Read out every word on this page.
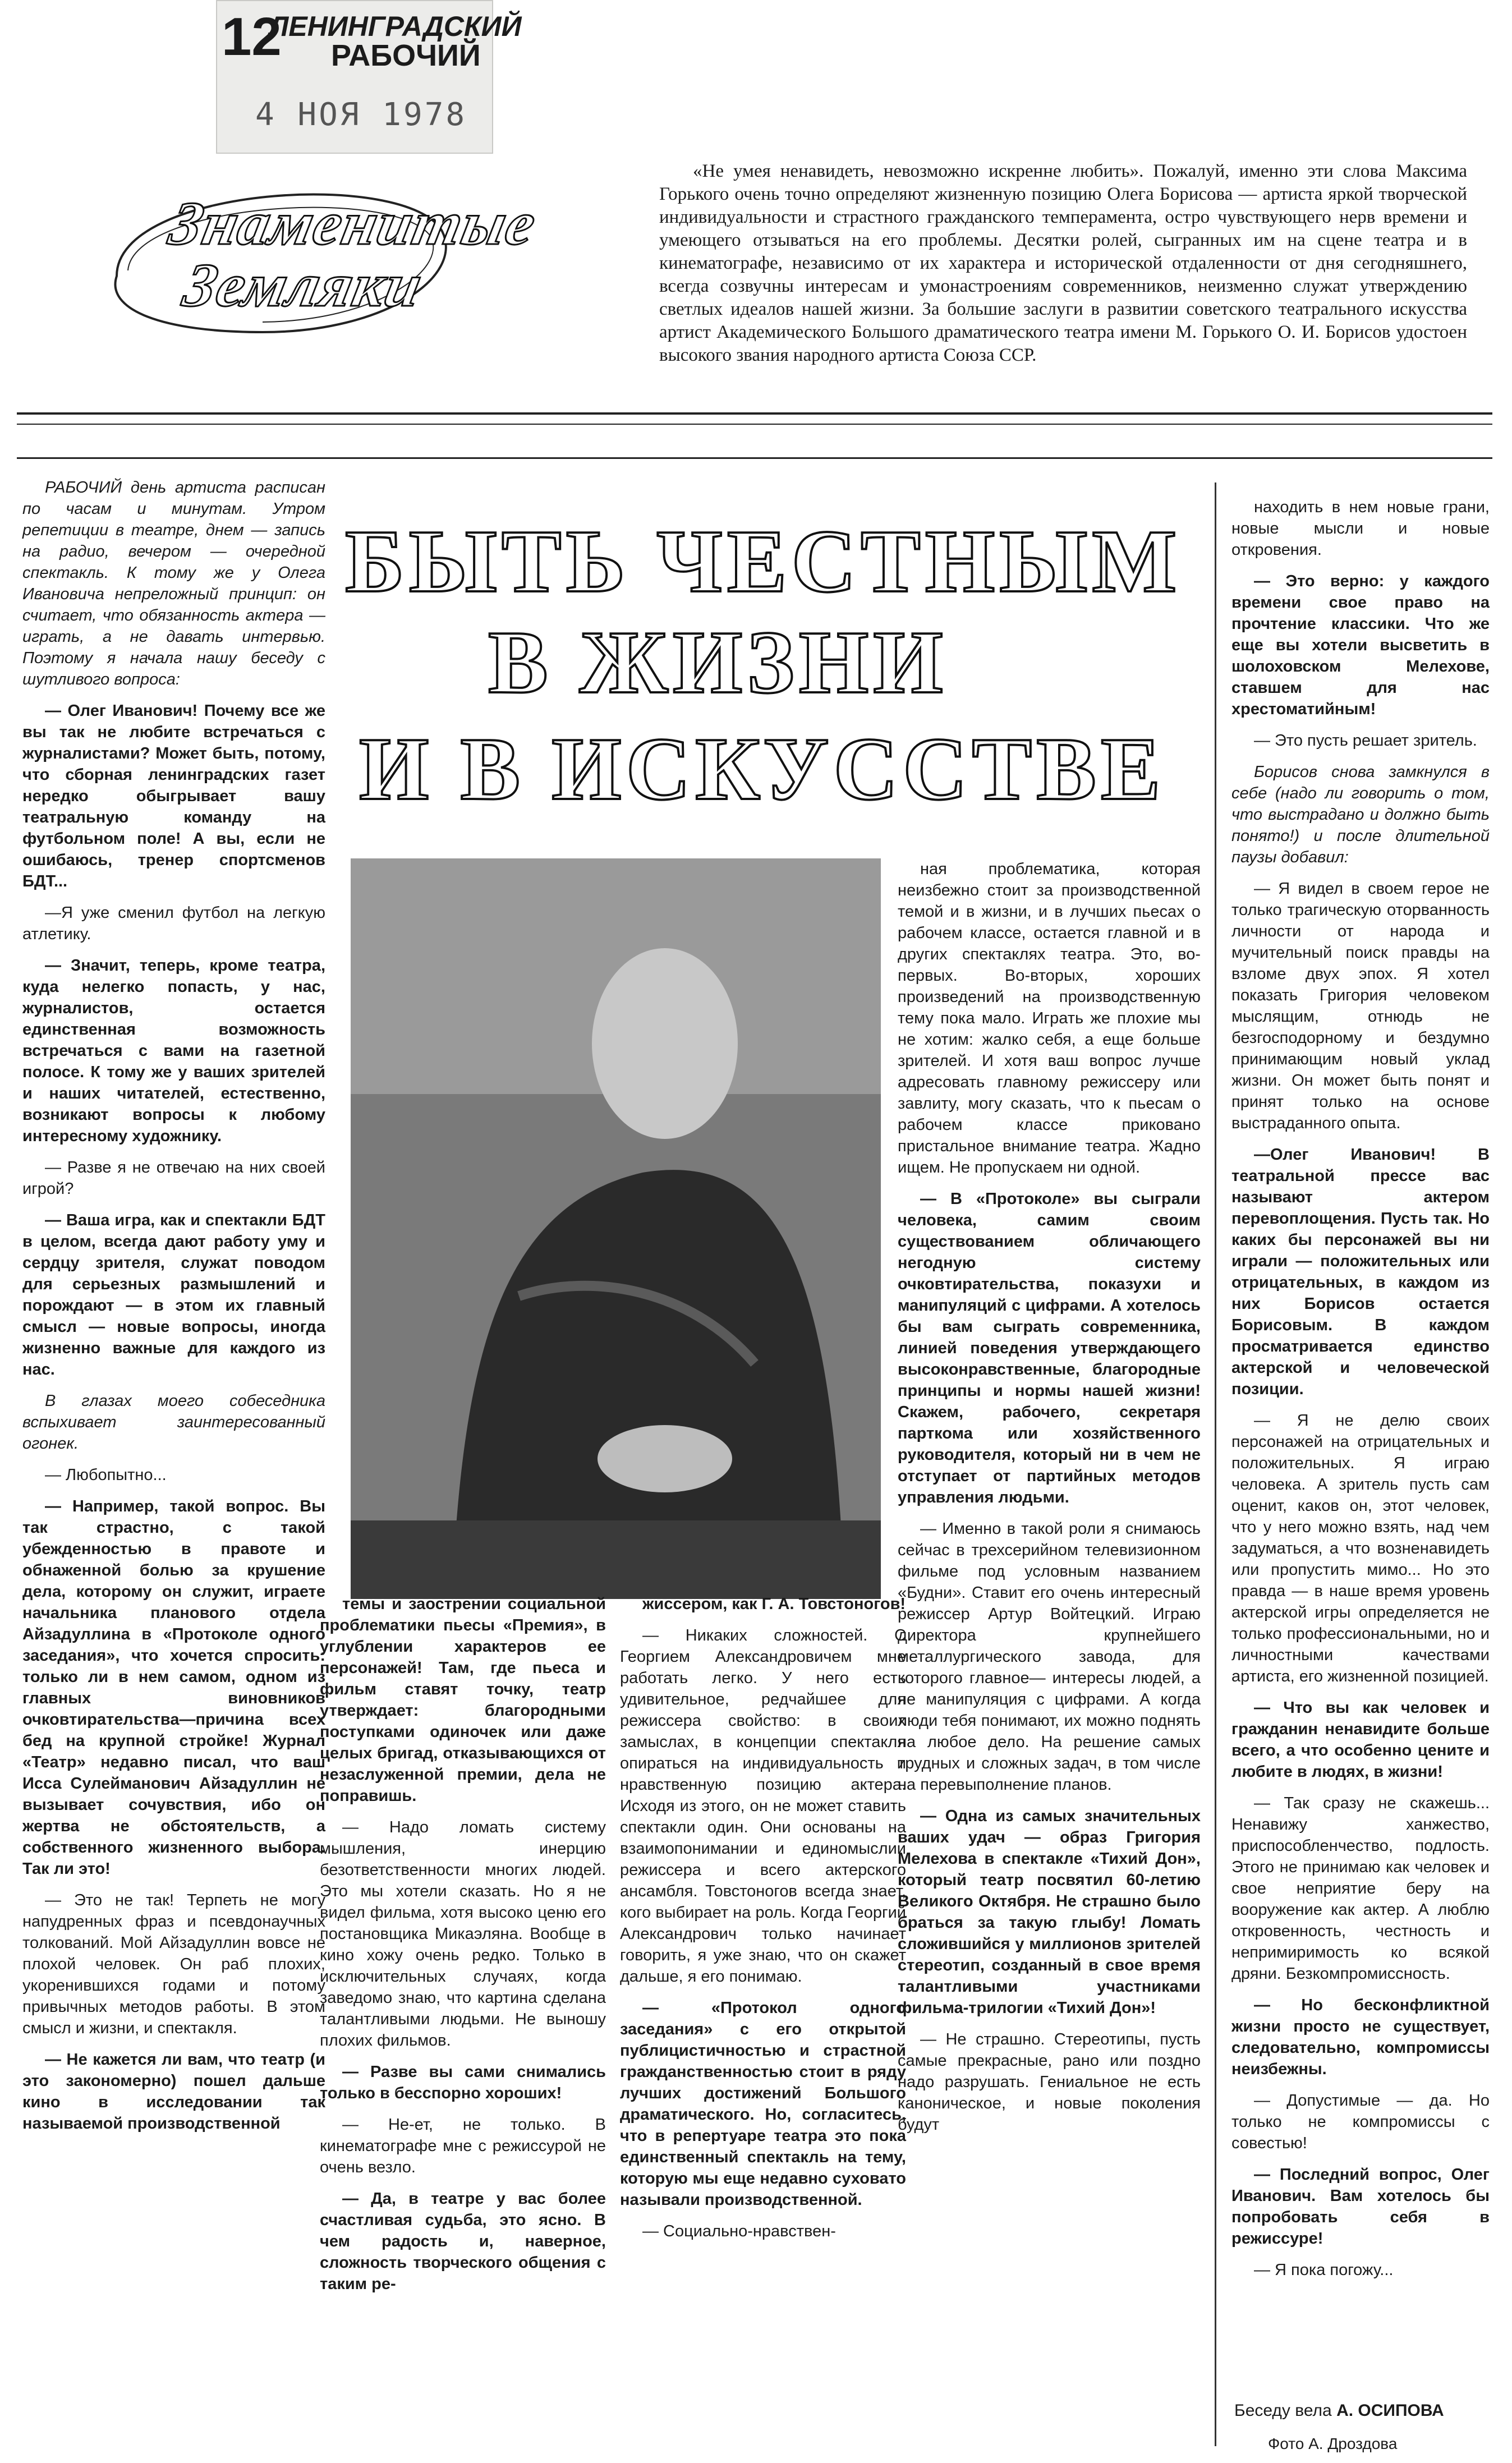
12
ЛЕНИНГРАДСКИЙ
РАБОЧИЙ
4 НОЯ 1978
Знаменитые
Земляки
«Не умея ненавидеть, невозможно искренне любить». Пожалуй, именно эти слова Максима Горького очень точно определяют жизненную позицию Олега Борисова — артиста яркой творческой индивидуальности и страстного гражданского темперамента, остро чувствующего нерв времени и умеющего отзываться на его проблемы. Десятки ролей, сыгранных им на сцене театра и в кинематографе, независимо от их характера и исторической отдаленности от дня сегодняшнего, всегда созвучны интересам и умонастроениям современников, неизменно служат утверждению светлых идеалов нашей жизни. За большие заслуги в развитии советского театрального искусства артист Академического Большого драматического театра имени М. Горького О. И. Борисов удостоен высокого звания народного артиста Союза ССР.
БЫТЬ ЧЕСТНЫМ
В ЖИЗНИ
И В ИСКУССТВЕ

РАБОЧИЙ день артиста расписан по часам и минутам. Утром репетиции в театре, днем — запись на радио, вечером — очередной спектакль. К тому же у Олега Ивановича непреложный принцип: он считает, что обязанность актера — играть, а не давать интервью. Поэтому я начала нашу беседу с шутливого вопроса:

— Олег Иванович! Почему все же вы так не любите встречаться с журналистами? Может быть, потому, что сборная ленинградских газет нередко обыгрывает вашу театральную команду на футбольном поле! А вы, если не ошибаюсь, тренер спортсменов БДТ...

—Я уже сменил футбол на легкую атлетику.

— Значит, теперь, кроме театра, куда нелегко попасть, у нас, журналистов, остается единственная возможность встречаться с вами на газетной полосе. К тому же у ваших зрителей и наших читателей, естественно, возникают вопросы к любому интересному художнику.

— Разве я не отвечаю на них своей игрой?

— Ваша игра, как и спектакли БДТ в целом, всегда дают работу уму и сердцу зрителя, служат поводом для серьезных размышлений и порождают — в этом их главный смысл — новые вопросы, иногда жизненно важные для каждого из нас.

В глазах моего собеседника вспыхивает заинтересованный огонек.

— Любопытно...

— Например, такой вопрос. Вы так страстно, с такой убежденностью в правоте и обнаженной болью за крушение дела, которому он служит, играете начальника планового отдела Айзадуллина в «Протоколе одного заседания», что хочется спросить: только ли в нем самом, одном из главных виновников очковтирательства—причина всех бед на крупной стройке! Журнал «Театр» недавно писал, что ваш Исса Сулейманович Айзадуллин не вызывает сочувствия, ибо он жертва не обстоятельств, а собственного жизненного выбора. Так ли это!

— Это не так! Терпеть не могу напудренных фраз и псевдонаучных толкований. Мой Айзадуллин вовсе не плохой человек. Он раб плохих, укоренившихся годами и потому привычных методов работы. В этом смысл и жизни, и спектакля.

— Не кажется ли вам, что театр (и это закономерно) пошел дальше кино в исследовании так называемой производственной

темы и заострении социальной проблематики пьесы «Премия», в углублении характеров ее персонажей! Там, где пьеса и фильм ставят точку, театр утверждает: благородными поступками одиночек или даже целых бригад, отказывающихся от незаслуженной премии, дела не поправишь.

— Надо ломать систему мышления, инерцию безответственности многих людей. Это мы хотели сказать. Но я не видел фильма, хотя высоко ценю его постановщика Микаэляна. Вообще в кино хожу очень редко. Только в исключительных случаях, когда заведомо знаю, что картина сделана талантливыми людьми. Не выношу плохих фильмов.

— Разве вы сами снимались только в бесспорно хороших!

— Не-ет, не только. В кинематографе мне с режиссурой не очень везло.

— Да, в театре у вас более счастливая судьба, это ясно. В чем радость и, наверное, сложность творческого общения с таким ре-

жиссером, как Г. А. Товстоногов!

— Никаких сложностей. С Георгием Александровичем мне работать легко. У него есть удивительное, редчайшее для режиссера свойство: в своих замыслах, в концепции спектакля опираться на индивидуальность и нравственную позицию актера. Исходя из этого, он не может ставить спектакли один. Они основаны на взаимопонимании и единомыслии режиссера и всего актерского ансамбля. Товстоногов всегда знает, кого выбирает на роль. Когда Георгий Александрович только начинает говорить, я уже знаю, что он скажет дальше, я его понимаю.

— «Протокол одного заседания» с его открытой публицистичностью и страстной гражданственностью стоит в ряду лучших достижений Большого драматического. Но, согласитесь, что в репертуаре театра это пока единственный спектакль на тему, которую мы еще недавно суховато называли производственной.

— Социально-нравствен-

ная проблематика, которая неизбежно стоит за производственной темой и в жизни, и в лучших пьесах о рабочем классе, остается главной и в других спектаклях театра. Это, во-первых. Во-вторых, хороших произведений на производственную тему пока мало. Играть же плохие мы не хотим: жалко себя, а еще больше зрителей. И хотя ваш вопрос лучше адресовать главному режиссеру или завлиту, могу сказать, что к пьесам о рабочем классе приковано пристальное внимание театра. Жадно ищем. Не пропускаем ни одной.

— В «Протоколе» вы сыграли человека, самим своим существованием обличающего негодную систему очковтирательства, показухи и манипуляций с цифрами. А хотелось бы вам сыграть современника, линией поведения утверждающего высоконравственные, благородные принципы и нормы нашей жизни! Скажем, рабочего, секретаря парткома или хозяйственного руководителя, который ни в чем не отступает от партийных методов управления людьми.

— Именно в такой роли я снимаюсь сейчас в трехсерийном телевизионном фильме под условным названием «Будни». Ставит его очень интересный режиссер Артур Войтецкий. Играю директора крупнейшего металлургического завода, для которого главное— интересы людей, а не манипуляция с цифрами. А когда люди тебя понимают, их можно поднять на любое дело. На решение самых трудных и сложных задач, в том числе на перевыполнение планов.

— Одна из самых значительных ваших удач — образ Григория Мелехова в спектакле «Тихий Дон», который театр посвятил 60-летию Великого Октября. Не страшно было браться за такую глыбу! Ломать сложившийся у миллионов зрителей стереотип, созданный в свое время талантливыми участниками фильма-трилогии «Тихий Дон»!

— Не страшно. Стереотипы, пусть самые прекрасные, рано или поздно надо разрушать. Гениальное не есть каноническое, и новые поколения будут

находить в нем новые грани, новые мысли и новые откровения.

— Это верно: у каждого времени свое право на прочтение классики. Что же еще вы хотели высветить в шолоховском Мелехове, ставшем для нас хрестоматийным!

— Это пусть решает зритель.

Борисов снова замкнулся в себе (надо ли говорить о том, что выстрадано и должно быть понято!) и после длительной паузы добавил:

— Я видел в своем герое не только трагическую оторванность личности от народа и мучительный поиск правды на взломе двух эпох. Я хотел показать Григория человеком мыслящим, отнюдь не безгосподорному и бездумно принимающим новый уклад жизни. Он может быть понят и принят только на основе выстраданного опыта.

—Олег Иванович! В театральной прессе вас называют актером перевоплощения. Пусть так. Но каких бы персонажей вы ни играли — положительных или отрицательных, в каждом из них Борисов остается Борисовым. В каждом просматривается единство актерской и человеческой позиции.

— Я не делю своих персонажей на отрицательных и положительных. Я играю человека. А зритель пусть сам оценит, каков он, этот человек, что у него можно взять, над чем задуматься, а что возненавидеть или пропустить мимо... Но это правда — в наше время уровень актерской игры определяется не только профессиональными, но и личностными качествами артиста, его жизненной позицией.

— Что вы как человек и гражданин ненавидите больше всего, а что особенно цените и любите в людях, в жизни!

— Так сразу не скажешь... Ненавижу ханжество, приспособленчество, подлость. Этого не принимаю как человек и свое неприятие беру на вооружение как актер. А люблю откровенность, честность и непримиримость ко всякой дряни. Безкомпромиссность.

— Но бесконфликтной жизни просто не существует, следовательно, компромиссы неизбежны.

— Допустимые — да. Но только не компромиссы с совестью!

— Последний вопрос, Олег Иванович. Вам хотелось бы попробовать себя в режиссуре!

— Я пока погожу...

Беседу вела А. ОСИПОВА
Фото А. Дроздова
